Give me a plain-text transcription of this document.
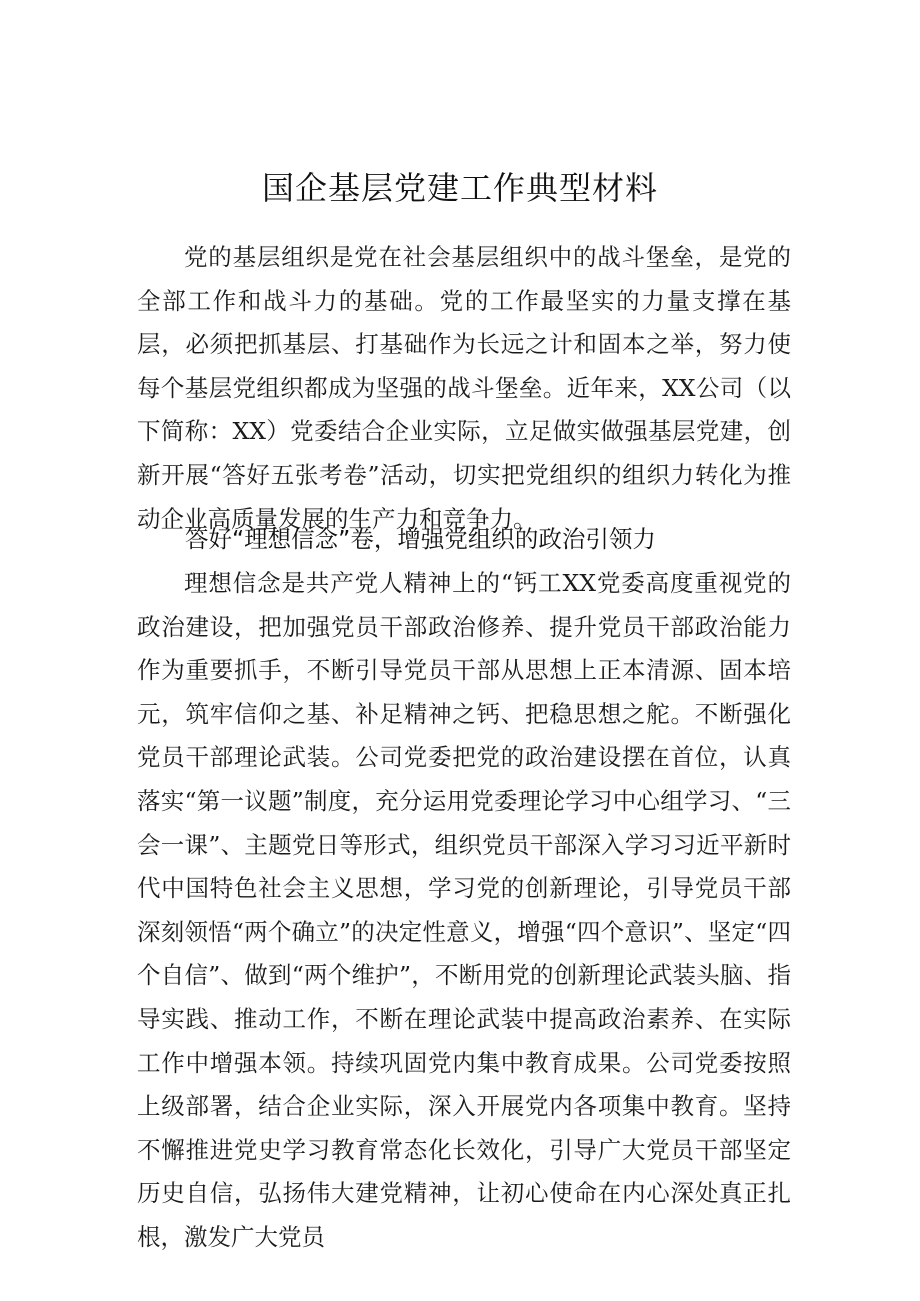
国企基层党建工作典型材料

党的基层组织是党在社会基层组织中的战斗堡垒，是党的全部工作和战斗力的基础。党的工作最坚实的力量支撑在基层，必须把抓基层、打基础作为长远之计和固本之举，努力使每个基层党组织都成为坚强的战斗堡垒。近年来，XX公司（以下简称：XX）党委结合企业实际，立足做实做强基层党建，创新开展“答好五张考卷”活动，切实把党组织的组织力转化为推动企业高质量发展的生产力和竞争力。

答好“理想信念”卷，增强党组织的政治引领力

理想信念是共产党人精神上的“钙工XX党委高度重视党的政治建设，把加强党员干部政治修养、提升党员干部政治能力作为重要抓手，不断引导党员干部从思想上正本清源、固本培元，筑牢信仰之基、补足精神之钙、把稳思想之舵。不断强化党员干部理论武装。公司党委把党的政治建设摆在首位，认真落实“第一议题”制度，充分运用党委理论学习中心组学习、“三会一课”、主题党日等形式，组织党员干部深入学习习近平新时代中国特色社会主义思想，学习党的创新理论，引导党员干部深刻领悟“两个确立”的决定性意义，增强“四个意识”、坚定“四个自信”、做到“两个维护”，不断用党的创新理论武装头脑、指导实践、推动工作，不断在理论武装中提高政治素养、在实际工作中增强本领。持续巩固党内集中教育成果。公司党委按照上级部署，结合企业实际，深入开展党内各项集中教育。坚持不懈推进党史学习教育常态化长效化，引导广大党员干部坚定历史自信，弘扬伟大建党精神，让初心使命在内心深处真正扎根，激发广大党员
